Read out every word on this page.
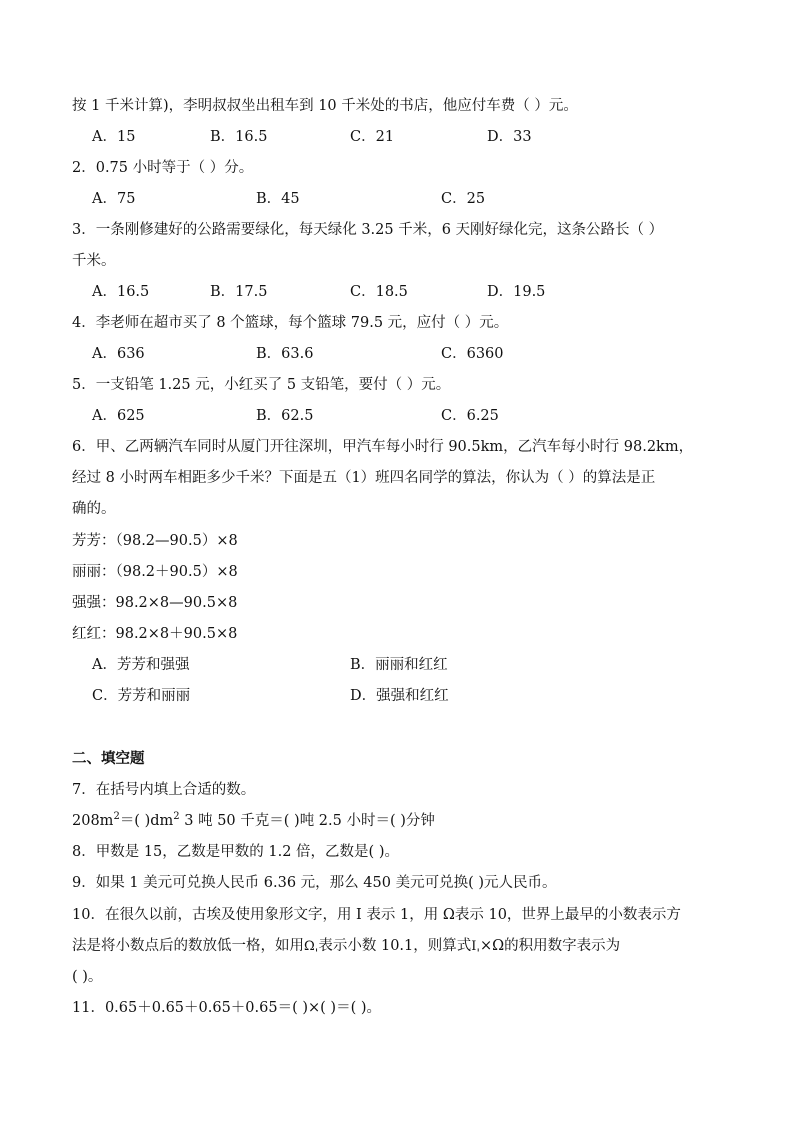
按 1 千米计算)，李明叔叔坐出租车到 10 千米处的书店，他应付车费（ ）元。
A．15	B．16.5	C．21	D．33
2．0.75 小时等于（ ）分。
A．75	B．45	C．25
3．一条刚修建好的公路需要绿化，每天绿化 3.25 千米，6 天刚好绿化完，这条公路长（ ）
千米。
A．16.5	B．17.5	C．18.5	D．19.5
4．李老师在超市买了 8 个篮球，每个篮球 79.5 元，应付（ ）元。
A．636	B．63.6	C．6360
5．一支铅笔 1.25 元，小红买了 5 支铅笔，要付（ ）元。
A．625	B．62.5	C．6.25
6．甲、乙两辆汽车同时从厦门开往深圳，甲汽车每小时行 90.5km，乙汽车每小时行 98.2km，
经过 8 小时两车相距多少千米？下面是五（1）班四名同学的算法，你认为（ ）的算法是正
确的。
芳芳：（98.2—90.5）×8
丽丽：（98.2＋90.5）×8
强强：98.2×8—90.5×8
红红：98.2×8＋90.5×8
A．芳芳和强强	B．丽丽和红红
C．芳芳和丽丽	D．强强和红红
二、填空题
7．在括号内填上合适的数。
$208m^2=$( )$dm^2$ 3 吨 50 千克＝( )吨 2.5 小时＝( )分钟
8．甲数是 15，乙数是甲数的 1.2 倍，乙数是( )。
9．如果 1 美元可兑换人民币 6.36 元，那么 450 美元可兑换( )元人民币。
10．在很久以前，古埃及使用象形文字，用 I 表示 1，用 Ω表示 10，世界上最早的小数表示方
法是将小数点后的数放低一格，如用Ωˌ表示小数 10.1，则算式Iˌ×Ω的积用数字表示为
( )。
11．0.65＋0.65＋0.65＋0.65＝( )×( )＝( )。
